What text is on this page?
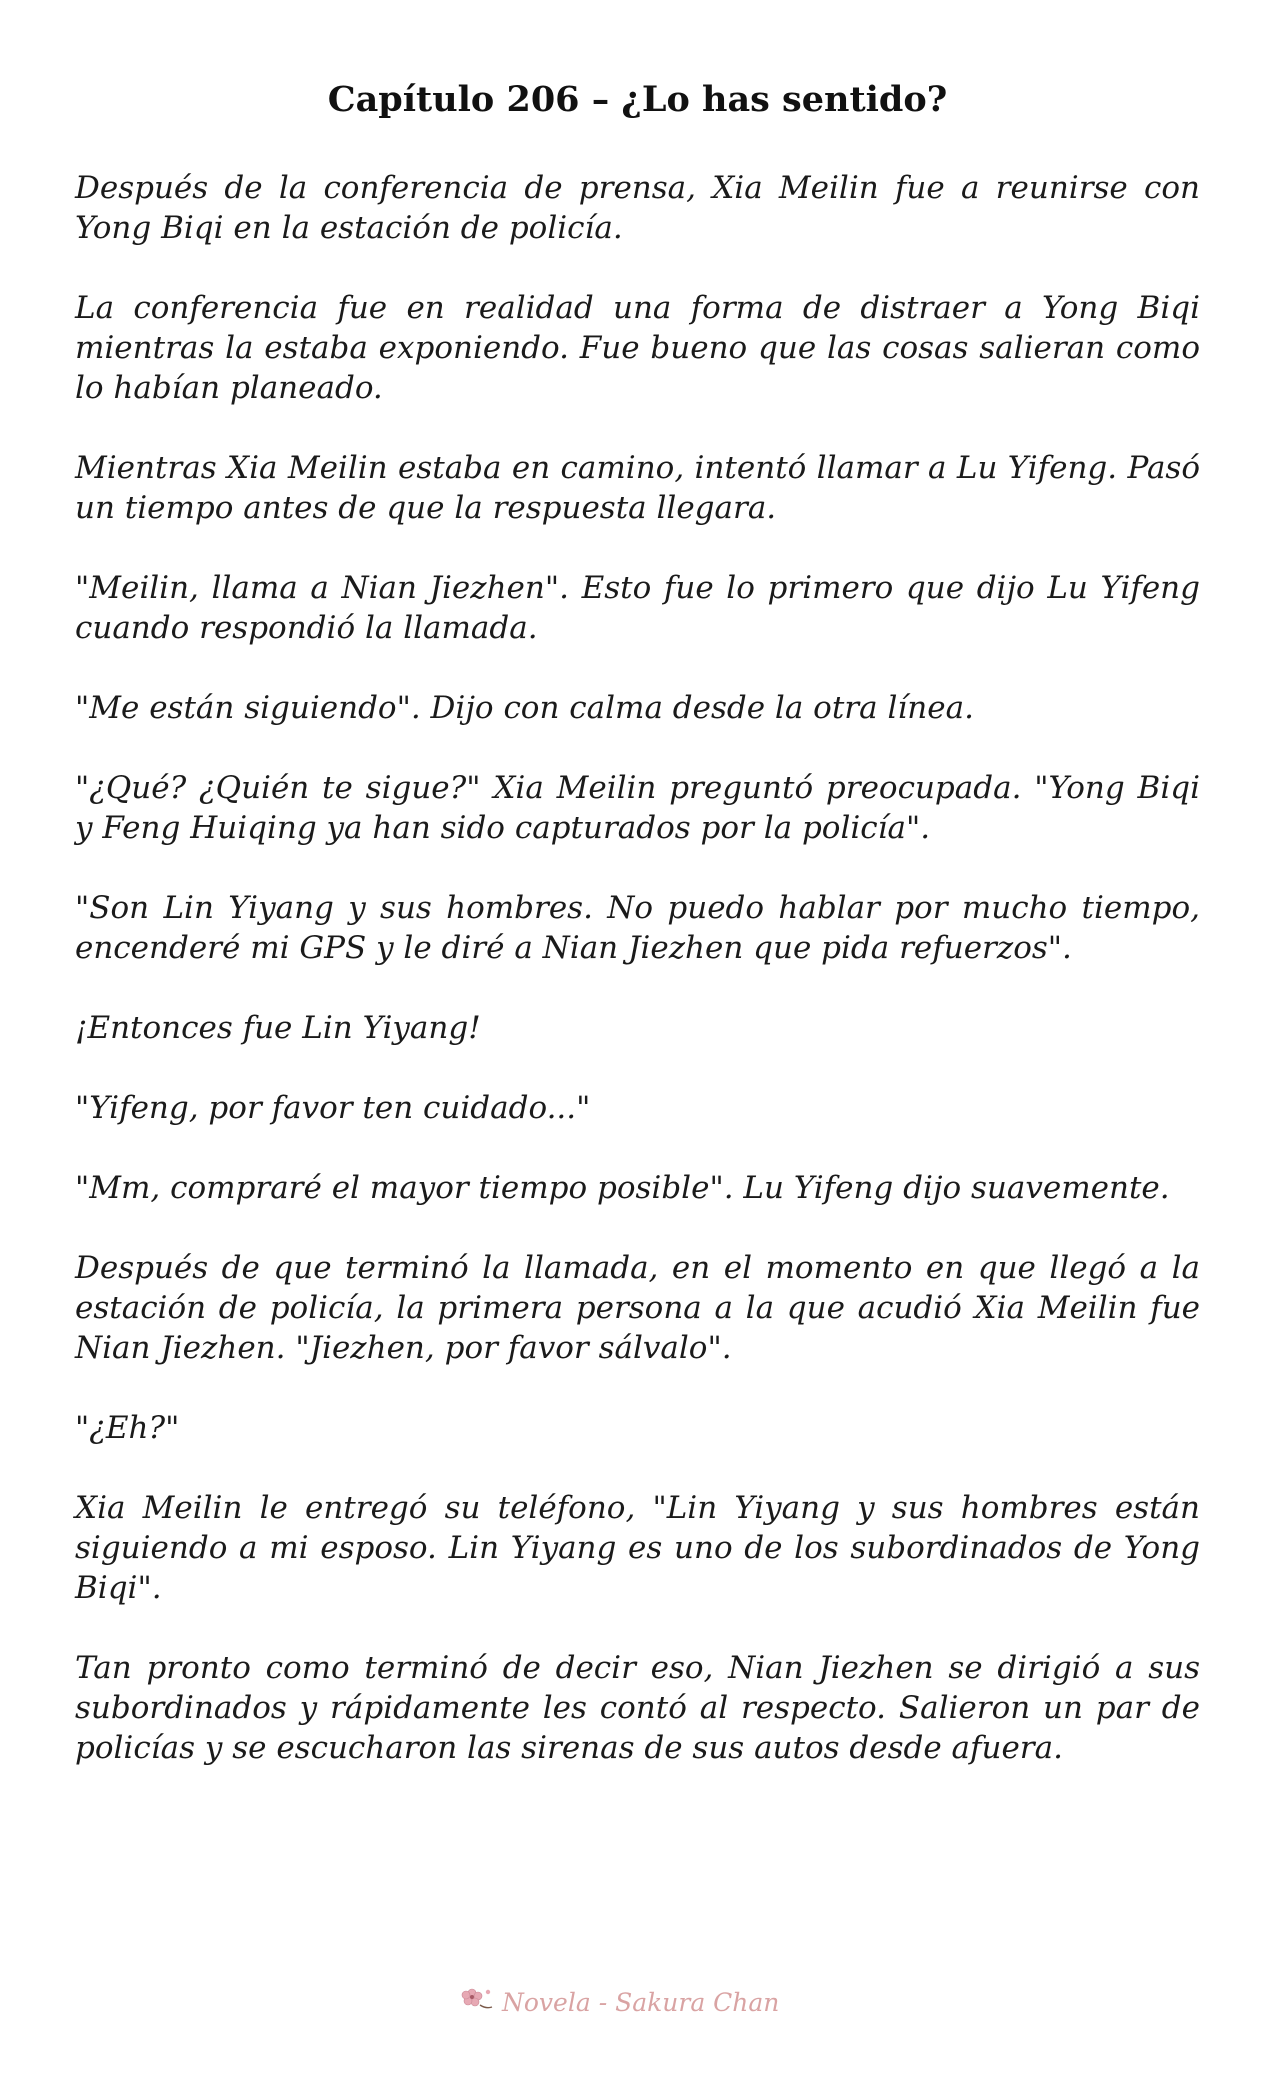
Capítulo 206 – ¿Lo has sentido?

Después de la conferencia de prensa, Xia Meilin fue a reunirse con Yong Biqi en la estación de policía.

La conferencia fue en realidad una forma de distraer a Yong Biqi mientras la estaba exponiendo. Fue bueno que las cosas salieran como lo habían planeado.

Mientras Xia Meilin estaba en camino, intentó llamar a Lu Yifeng. Pasó un tiempo antes de que la respuesta llegara.

"Meilin, llama a Nian Jiezhen". Esto fue lo primero que dijo Lu Yifeng cuando respondió la llamada.

"Me están siguiendo". Dijo con calma desde la otra línea.

"¿Qué? ¿Quién te sigue?" Xia Meilin preguntó preocupada. "Yong Biqi y Feng Huiqing ya han sido capturados por la policía".

"Son Lin Yiyang y sus hombres. No puedo hablar por mucho tiempo, encenderé mi GPS y le diré a Nian Jiezhen que pida refuerzos".

¡Entonces fue Lin Yiyang!

"Yifeng, por favor ten cuidado..."

"Mm, compraré el mayor tiempo posible". Lu Yifeng dijo suavemente.

Después de que terminó la llamada, en el momento en que llegó a la estación de policía, la primera persona a la que acudió Xia Meilin fue Nian Jiezhen. "Jiezhen, por favor sálvalo".

"¿Eh?"

Xia Meilin le entregó su teléfono, "Lin Yiyang y sus hombres están siguiendo a mi esposo. Lin Yiyang es uno de los subordinados de Yong Biqi".

Tan pronto como terminó de decir eso, Nian Jiezhen se dirigió a sus subordinados y rápidamente les contó al respecto. Salieron un par de policías y se escucharon las sirenas de sus autos desde afuera.

Novela - Sakura Chan
